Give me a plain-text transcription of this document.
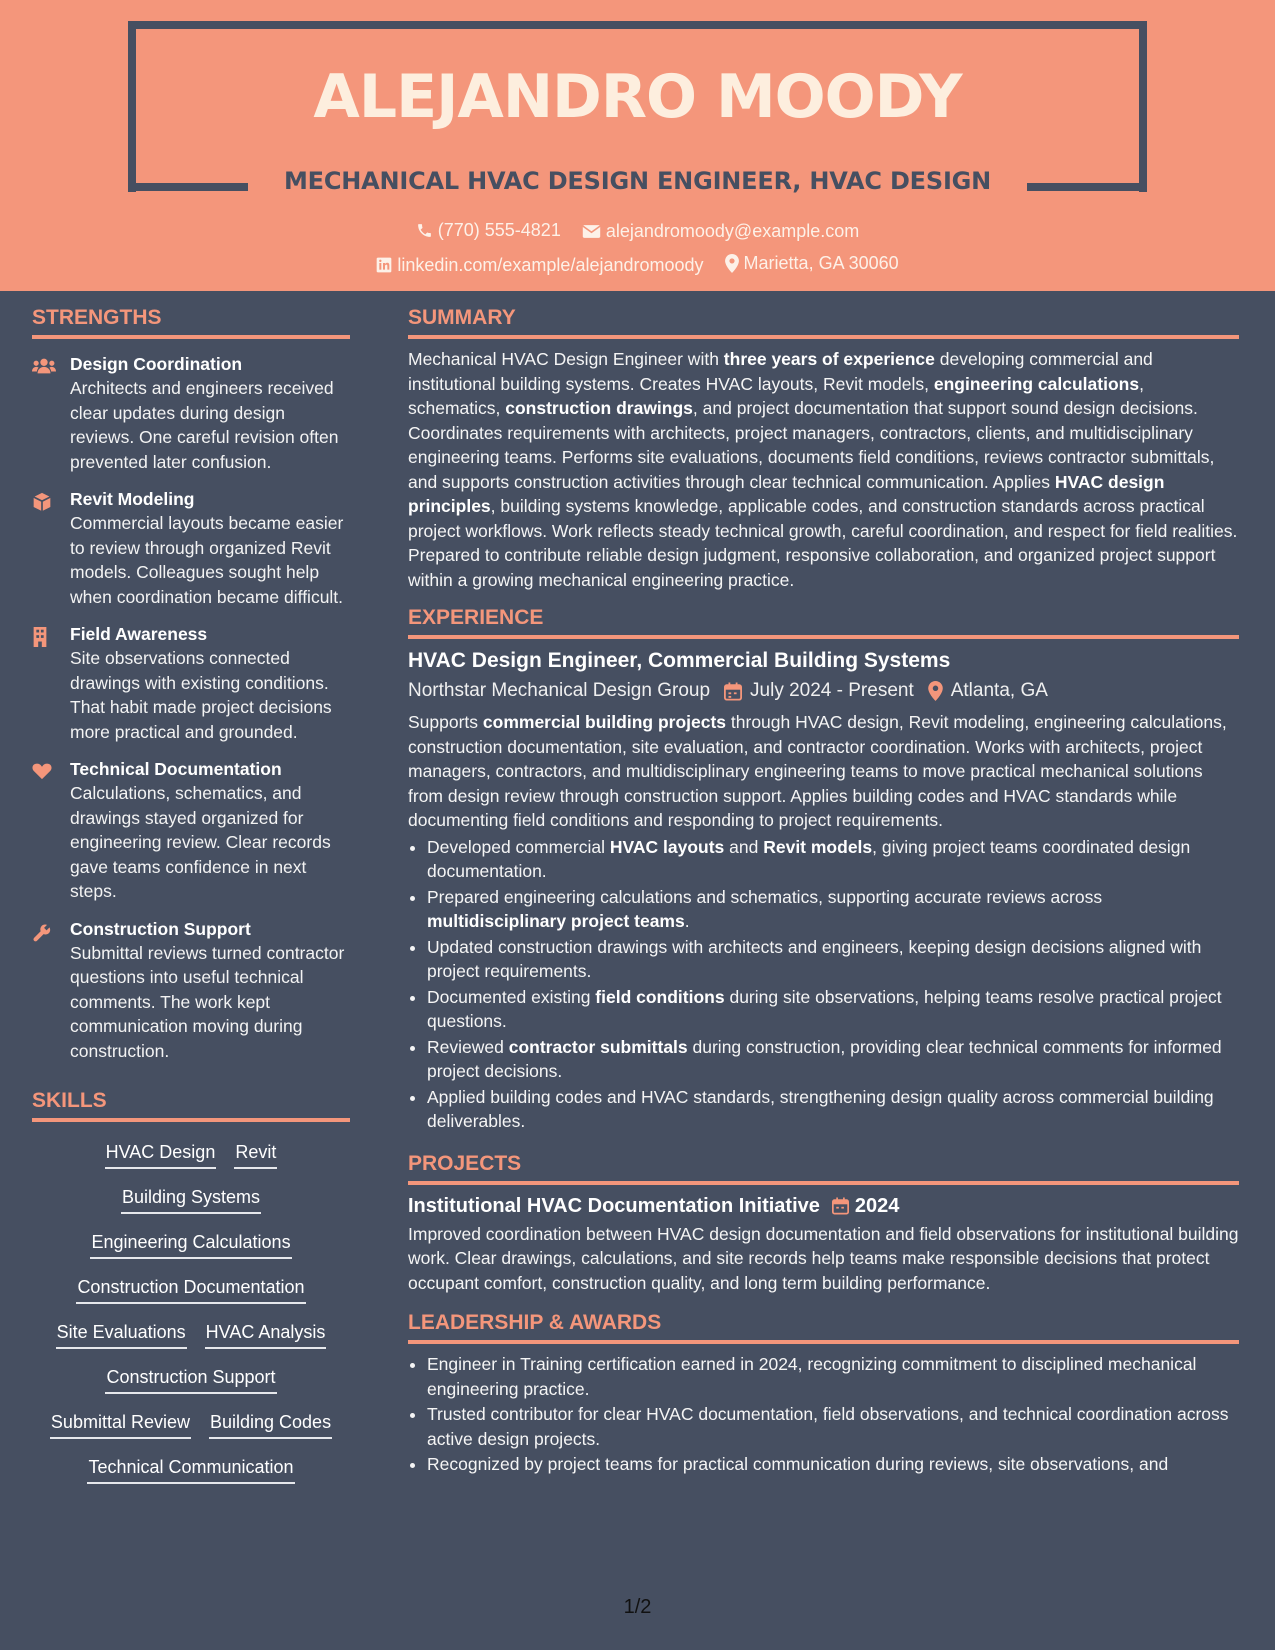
ALEJANDRO MOODY
MECHANICAL HVAC DESIGN ENGINEER, HVAC DESIGN
(770) 555-4821
	alejandromoody@example.com
linkedin.com/example/alejandromoody
Marietta, GA 30060
STRENGTHS
Design Coordination
Architects and engineers received clear updates during design reviews. One careful revision often prevented later confusion.
Revit Modeling
Commercial layouts became easier to review through organized Revit models. Colleagues sought help when coordination became difficult.
Field Awareness
Site observations connected drawings with existing conditions. That habit made project decisions more practical and grounded.
Technical Documentation
Calculations, schematics, and drawings stayed organized for engineering review. Clear records gave teams confidence in next steps.
Construction Support
Submittal reviews turned contractor questions into useful technical comments. The work kept communication moving during construction.
SKILLS
HVAC Design Revit
Building Systems
Engineering Calculations
Construction Documentation
Site Evaluations HVAC Analysis
Construction Support
Submittal Review Building Codes
Technical Communication
SUMMARY
Mechanical HVAC Design Engineer with three years of experience developing commercial and institutional building systems. Creates HVAC layouts, Revit models, engineering calculations, schematics, construction drawings, and project documentation that support sound design decisions. Coordinates requirements with architects, project managers, contractors, clients, and multidisciplinary engineering teams. Performs site evaluations, documents field conditions, reviews contractor submittals, and supports construction activities through clear technical communication. Applies HVAC design principles, building systems knowledge, applicable codes, and construction standards across practical project workflows. Work reflects steady technical growth, careful coordination, and respect for field realities. Prepared to contribute reliable design judgment, responsive collaboration, and organized project support within a growing mechanical engineering practice.
EXPERIENCE
HVAC Design Engineer, Commercial Building Systems
Northstar Mechanical Design Group July 2024 - Present Atlanta, GA
Supports commercial building projects through HVAC design, Revit modeling, engineering calculations, construction documentation, site evaluation, and contractor coordination. Works with architects, project managers, contractors, and multidisciplinary engineering teams to move practical mechanical solutions from design review through construction support. Applies building codes and HVAC standards while documenting field conditions and responding to project requirements.
• Developed commercial HVAC layouts and Revit models, giving project teams coordinated design documentation.
• Prepared engineering calculations and schematics, supporting accurate reviews across multidisciplinary project teams.
• Updated construction drawings with architects and engineers, keeping design decisions aligned with project requirements.
• Documented existing field conditions during site observations, helping teams resolve practical project questions.
• Reviewed contractor submittals during construction, providing clear technical comments for informed project decisions.
• Applied building codes and HVAC standards, strengthening design quality across commercial building deliverables.
PROJECTS
Institutional HVAC Documentation Initiative 2024
Improved coordination between HVAC design documentation and field observations for institutional building work. Clear drawings, calculations, and site records help teams make responsible decisions that protect occupant comfort, construction quality, and long term building performance.
LEADERSHIP & AWARDS
• Engineer in Training certification earned in 2024, recognizing commitment to disciplined mechanical engineering practice.
• Trusted contributor for clear HVAC documentation, field observations, and technical coordination across active design projects.
• Recognized by project teams for practical communication during reviews, site observations, and
1/2
